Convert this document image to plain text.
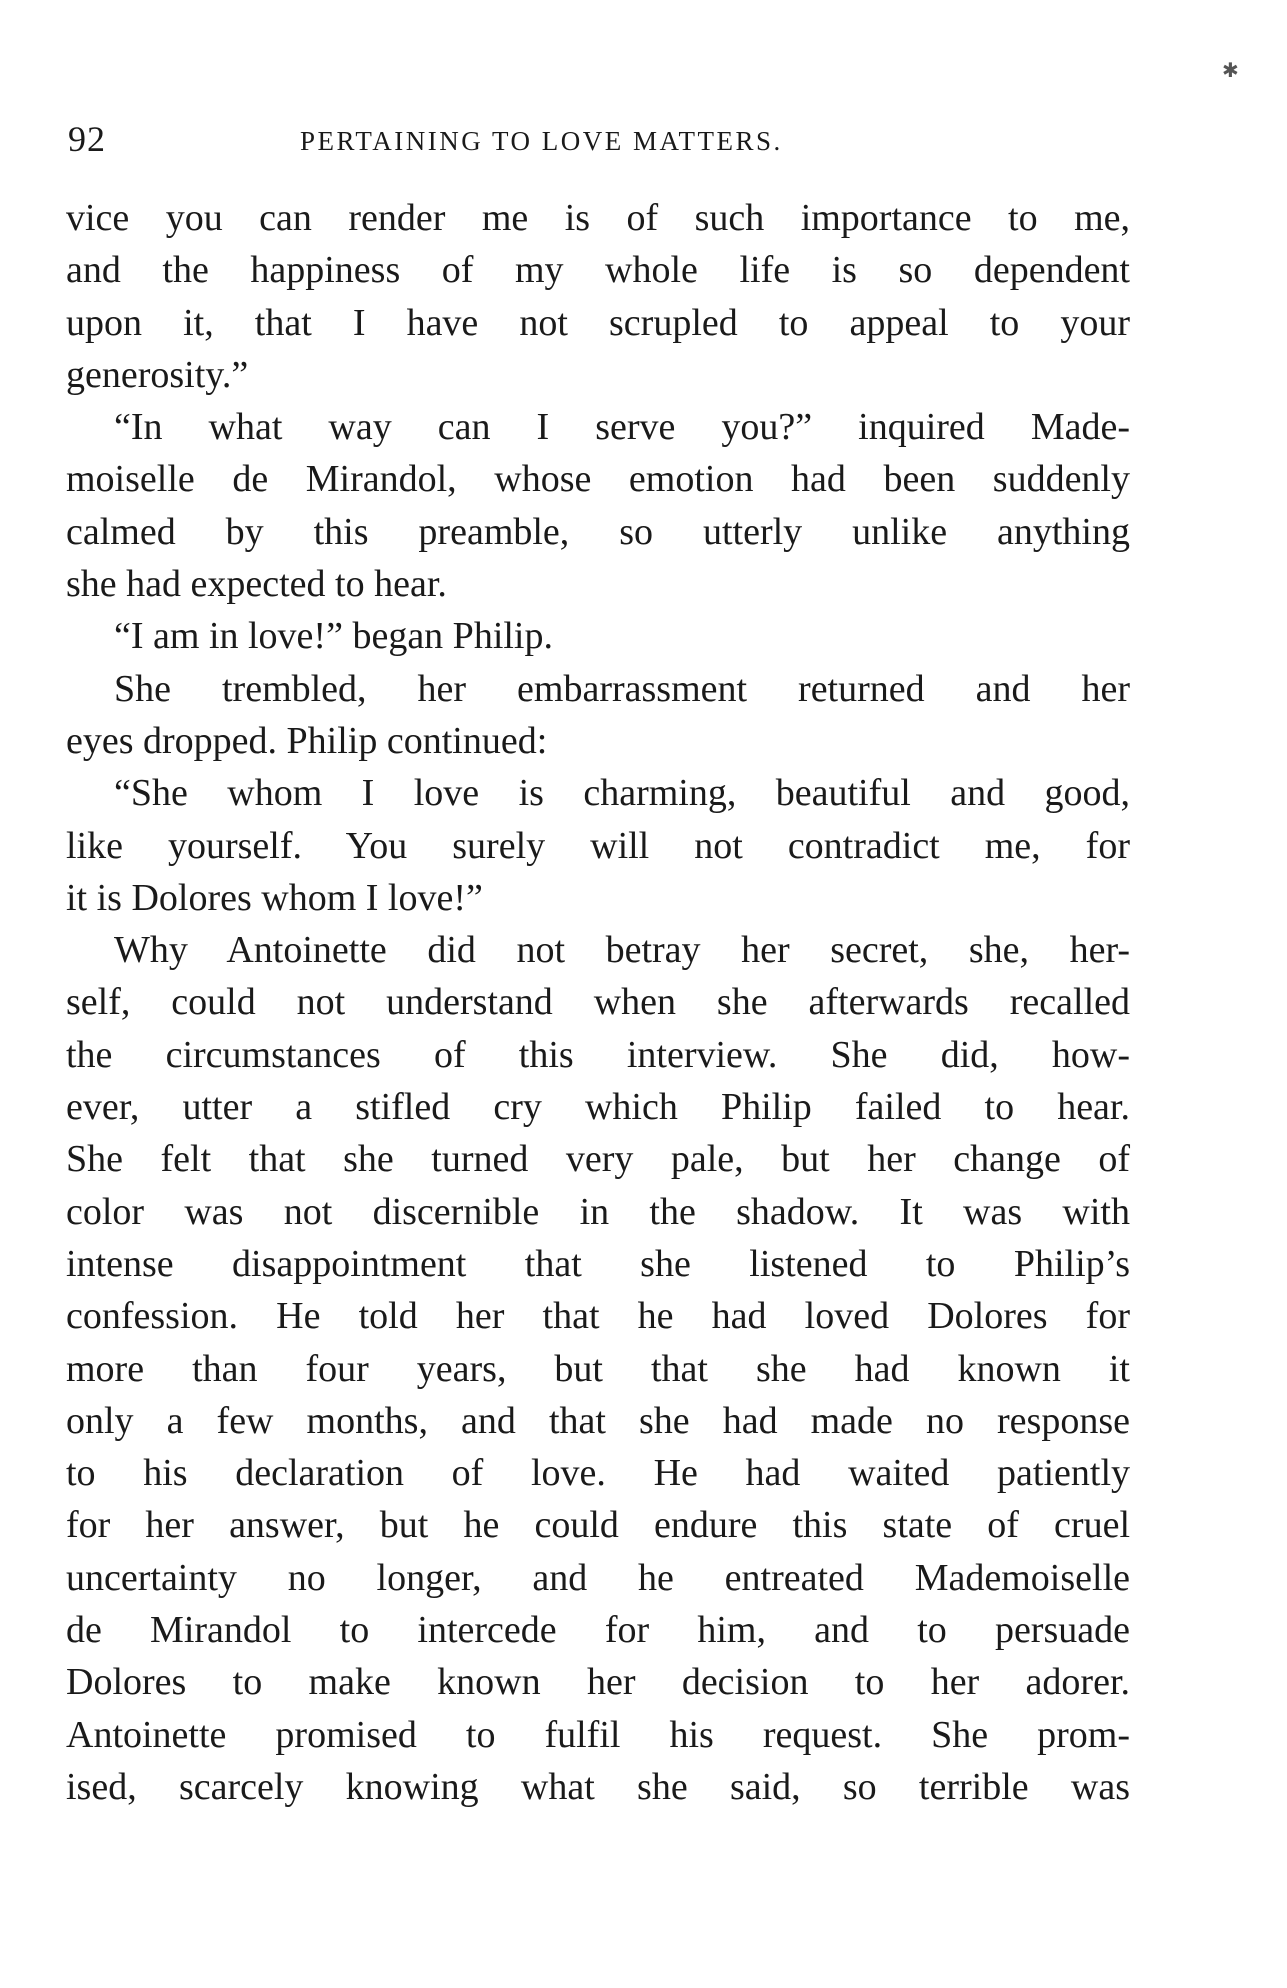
92	PERTAINING TO LOVE MATTERS.
vice you can render me is of such importance to me,
and the happiness of my whole life is so dependent
upon it, that I have not scrupled to appeal to your
generosity.”
“In what way can I serve you?” inquired Made-
moiselle de Mirandol, whose emotion had been suddenly
calmed by this preamble, so utterly unlike anything
she had expected to hear.
“I am in love!” began Philip.
She trembled, her embarrassment returned and her
eyes dropped. Philip continued:
“She whom I love is charming, beautiful and good,
like yourself. You surely will not contradict me, for
it is Dolores whom I love!”
Why Antoinette did not betray her secret, she, her-
self, could not understand when she afterwards recalled
the circumstances of this interview. She did, how-
ever, utter a stifled cry which Philip failed to hear.
She felt that she turned very pale, but her change of
color was not discernible in the shadow. It was with
intense disappointment that she listened to Philip’s
confession. He told her that he had loved Dolores for
more than four years, but that she had known it
only a few months, and that she had made no response
to his declaration of love. He had waited patiently
for her answer, but he could endure this state of cruel
uncertainty no longer, and he entreated Mademoiselle
de Mirandol to intercede for him, and to persuade
Dolores to make known her decision to her adorer.
Antoinette promised to fulfil his request. She prom-
ised, scarcely knowing what she said, so terrible was
✱
